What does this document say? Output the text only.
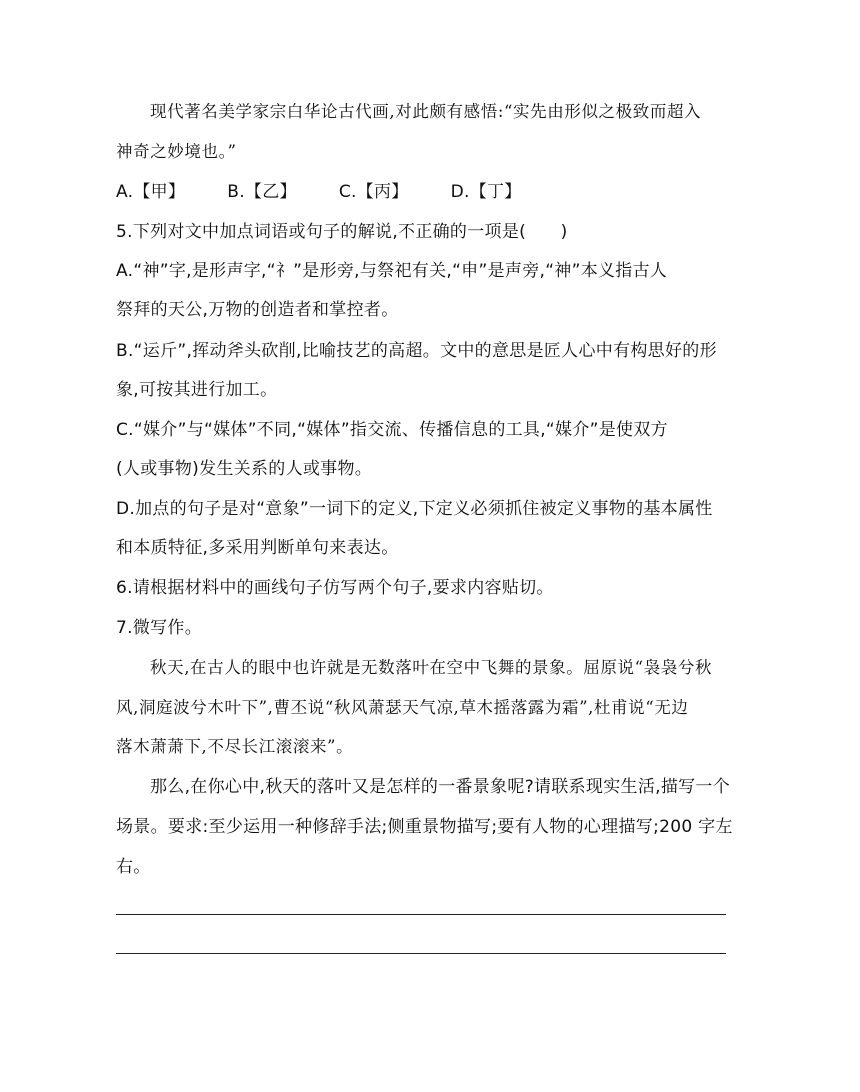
现代著名美学家宗白华论古代画,对此颇有感悟:“实先由形似之极致而超入
神奇之妙境也。”
A.【甲】 B.【乙】 C.【丙】 D.【丁】
5.下列对文中加点词语或句子的解说,不正确的一项是(　　)
A.“神”字,是形声字,“礻”是形旁,与祭祀有关,“申”是声旁,“神”本义指古人
祭拜的天公,万物的创造者和掌控者。
B.“运斤”,挥动斧头砍削,比喻技艺的高超。文中的意思是匠人心中有构思好的形
象,可按其进行加工。
C.“媒介”与“媒体”不同,“媒体”指交流、传播信息的工具,“媒介”是使双方
(人或事物)发生关系的人或事物。
D.加点的句子是对“意象”一词下的定义,下定义必须抓住被定义事物的基本属性
和本质特征,多采用判断单句来表达。
6.请根据材料中的画线句子仿写两个句子,要求内容贴切。
7.微写作。
秋天,在古人的眼中也许就是无数落叶在空中飞舞的景象。屈原说“袅袅兮秋
风,洞庭波兮木叶下”,曹丕说“秋风萧瑟天气凉,草木摇落露为霜”,杜甫说“无边
落木萧萧下,不尽长江滚滚来”。
那么,在你心中,秋天的落叶又是怎样的一番景象呢?请联系现实生活,描写一个
场景。要求:至少运用一种修辞手法;侧重景物描写;要有人物的心理描写;200 字左
右。
